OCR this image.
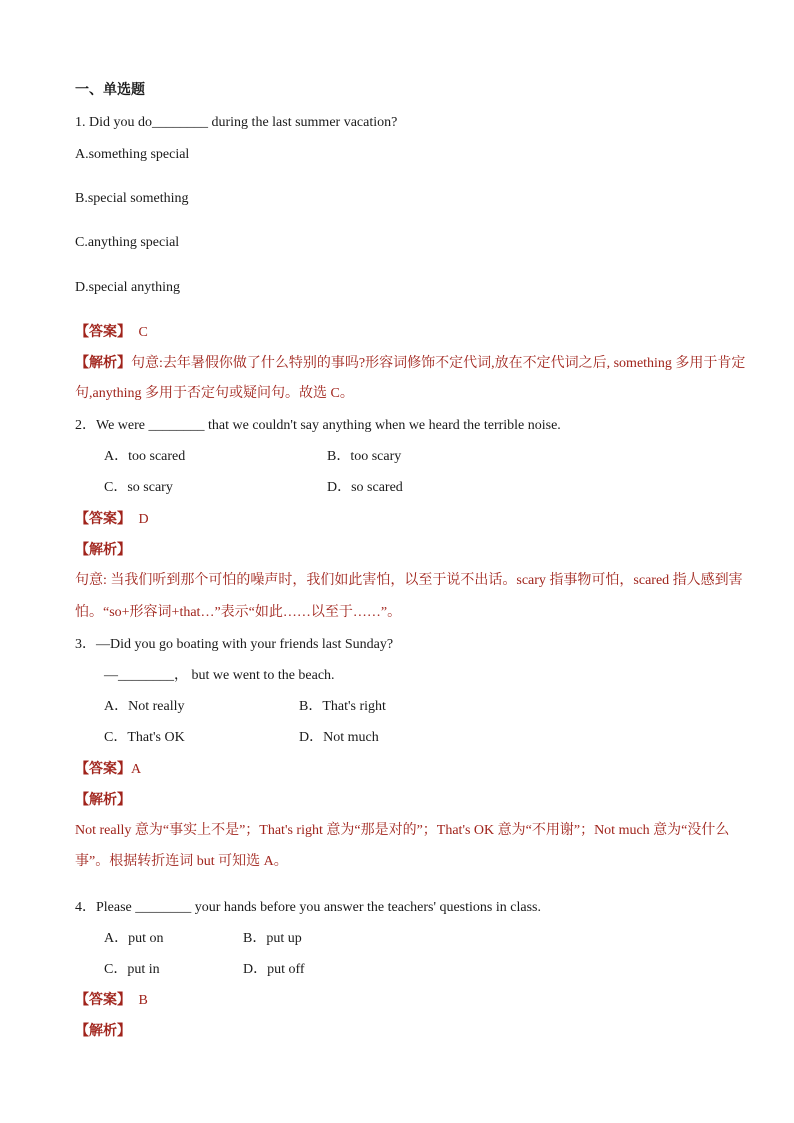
一、单选题
1. Did you do________ during the last summer vacation?
A.something special
B.special something
C.anything special
D.special anything
【答案】 C
【解析】句意:去年暑假你做了什么特别的事吗?形容词修饰不定代词,放在不定代词之后, something 多用于肯定
句,anything 多用于否定句或疑问句。故选 C。
2．We were ________ that we couldn't say anything when we heard the terrible noise.
A．too scared	B．too scary
C．so scary	D．so scared
【答案】 D
【解析】
句意: 当我们听到那个可怕的噪声时，我们如此害怕，以至于说不出话。scary 指事物可怕，scared 指人感到害
怕。“so+形容词+that…”表示“如此……以至于……”。
3．—Did you go boating with your friends last Sunday?
—________， but we went to the beach.
A．Not really	B．That's right
C．That's OK	D．Not much
【答案】A
【解析】
Not really 意为“事实上不是”；That's right 意为“那是对的”；That's OK 意为“不用谢”；Not much 意为“没什么
事”。根据转折连词 but 可知选 A。
4．Please ________ your hands before you answer the teachers' questions in class.
A．put on	B．put up
C．put in	D．put off
【答案】 B
【解析】
